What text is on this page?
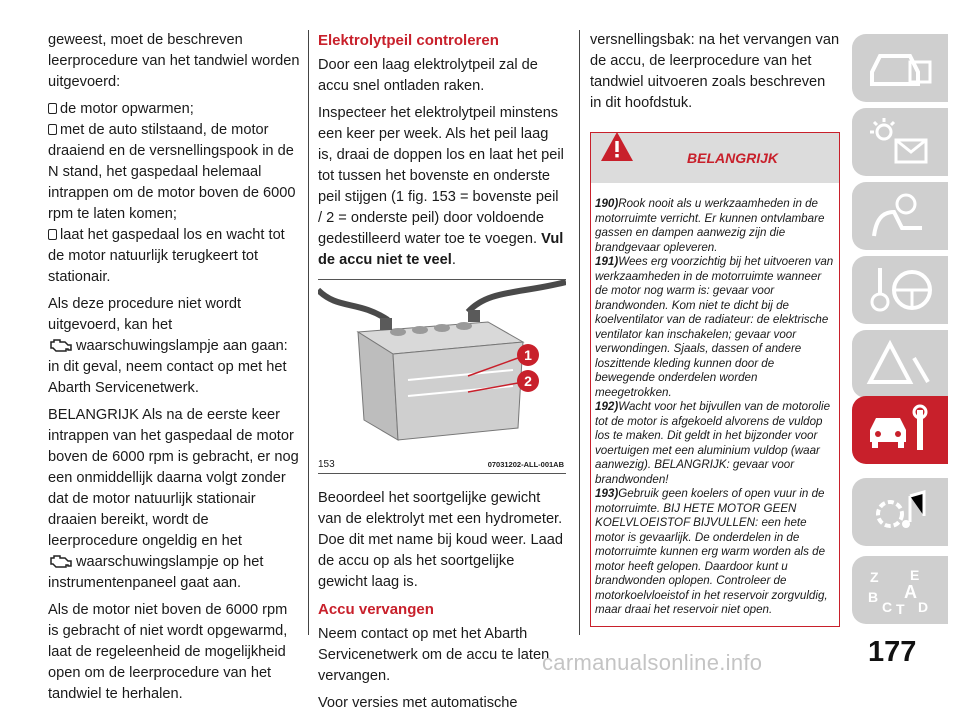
geweest, moet de beschreven leerprocedure van het tandwiel worden uitgevoerd:

de motor opwarmen;
met de auto stilstaand, de motor draaiend en de versnellingspook in de N stand, het gaspedaal helemaal intrappen om de motor boven de 6000 rpm te laten komen;
laat het gaspedaal los en wacht tot de motor natuurlijk terugkeert tot stationair.

Als deze procedure niet wordt uitgevoerd, kan het
waarschuwingslampje aan gaan: in dit geval, neem contact op met het Abarth Servicenetwerk.

BELANGRIJK Als na de eerste keer intrappen van het gaspedaal de motor boven de 6000 rpm is gebracht, er nog een onmiddellijk daarna volgt zonder dat de motor natuurlijk stationair draaien bereikt, wordt de leerprocedure ongeldig en het
waarschuwingslampje op het instrumentenpaneel gaat aan.

Als de motor niet boven de 6000 rpm is gebracht of niet wordt opgewarmd, laat de regeleenheid de mogelijkheid open om de leerprocedure van het tandwiel te herhalen.

Elektrolytpeil controleren

Door een laag elektrolytpeil zal de accu snel ontladen raken.

Inspecteer het elektrolytpeil minstens een keer per week. Als het peil laag is, draai de doppen los en laat het peil tot tussen het bovenste en onderste peil stijgen (1 fig. 153 = bovenste peil / 2 = onderste peil) door voldoende gedestilleerd water toe te voegen. Vul de accu niet te veel.

1
2
153	07031202-ALL-001AB

Beoordeel het soortgelijke gewicht van de elektrolyt met een hydrometer. Doe dit met name bij koud weer. Laad de accu op als het soortgelijke gewicht laag is.

Accu vervangen

Neem contact op met het Abarth Servicenetwerk om de accu te laten vervangen.

Voor versies met automatische

versnellingsbak: na het vervangen van de accu, de leerprocedure van het tandwiel uitvoeren zoals beschreven in dit hoofdstuk.

BELANGRIJK

190)Rook nooit als u werkzaamheden in de motorruimte verricht. Er kunnen ontvlambare gassen en dampen aanwezig zijn die brandgevaar opleveren.

191)Wees erg voorzichtig bij het uitvoeren van werkzaamheden in de motorruimte wanneer de motor nog warm is: gevaar voor brandwonden. Kom niet te dicht bij de koelventilator van de radiateur: de elektrische ventilator kan inschakelen; gevaar voor verwondingen. Sjaals, dassen of andere loszittende kleding kunnen door de bewegende onderdelen worden meegetrokken.

192)Wacht voor het bijvullen van de motorolie tot de motor is afgekoeld alvorens de vuldop los te maken. Dit geldt in het bijzonder voor voertuigen met een aluminium vuldop (waar aanwezig). BELANGRIJK: gevaar voor brandwonden!

193)Gebruik geen koelers of open vuur in de motorruimte. BIJ HETE MOTOR GEEN KOELVLOEISTOF BIJVULLEN: een hete motor is gevaarlijk. De onderdelen in de motorruimte kunnen erg warm worden als de motor heeft gelopen. Daardoor kunt u brandwonden oplopen. Controleer de motorkoelvloeistof in het reservoir zorgvuldig, maar draai het reservoir niet open.

Z E
B A
C T D
177
carmanualsonline.info
